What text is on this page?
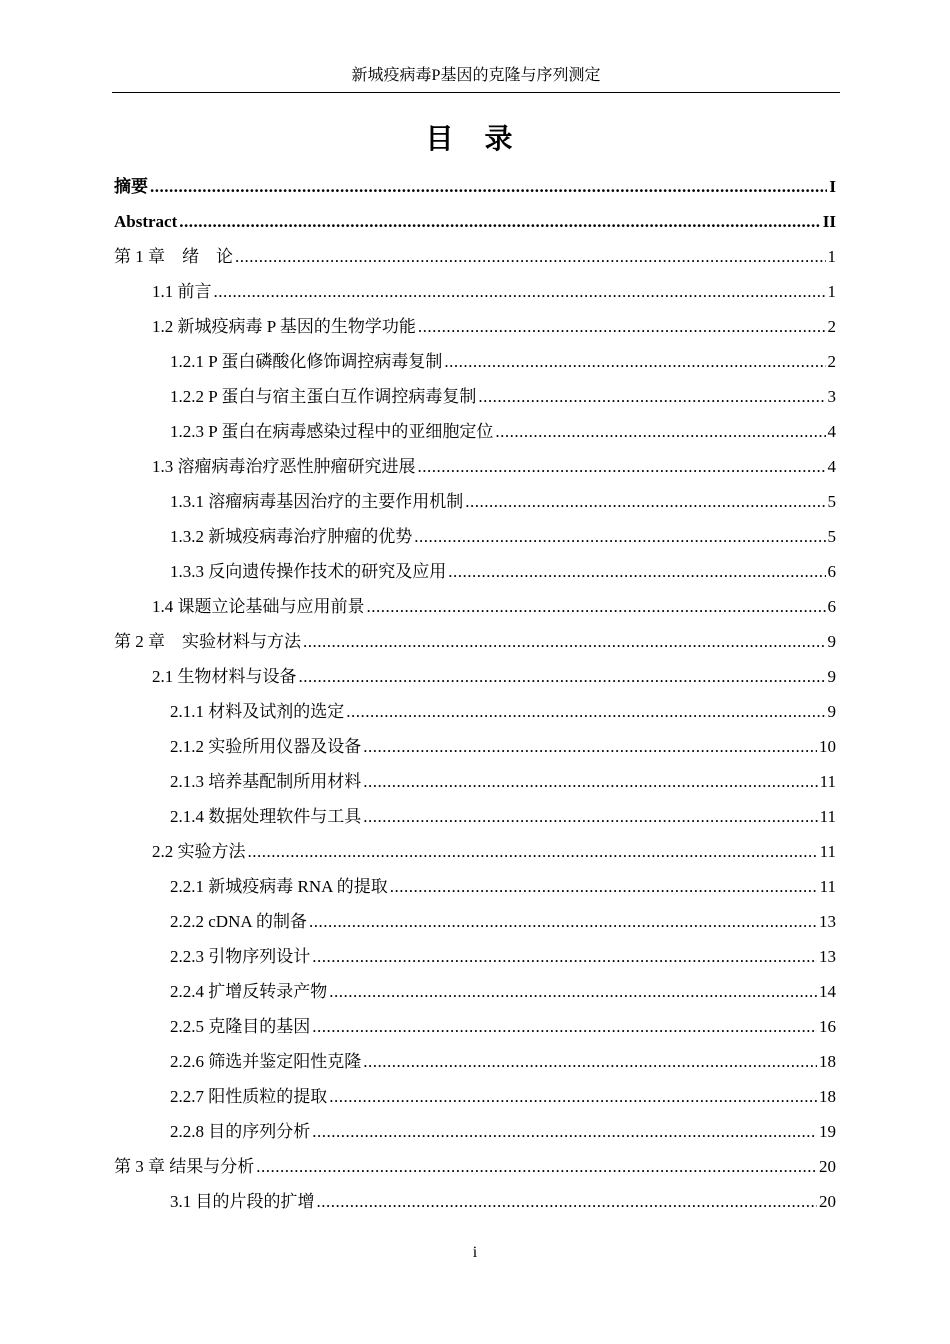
新城疫病毒P基因的克隆与序列测定
目 录
摘要 .....	I
Abstract .....	II
第 1 章　绪　论 .....	1
1.1 前言 .....	1
1.2 新城疫病毒 P 基因的生物学功能 .....	2
1.2.1 P 蛋白磷酸化修饰调控病毒复制 .....	2
1.2.2 P 蛋白与宿主蛋白互作调控病毒复制 .....	3
1.2.3 P 蛋白在病毒感染过程中的亚细胞定位 .....	4
1.3 溶瘤病毒治疗恶性肿瘤研究进展 .....	4
1.3.1 溶瘤病毒基因治疗的主要作用机制 .....	5
1.3.2 新城疫病毒治疗肿瘤的优势 .....	5
1.3.3 反向遗传操作技术的研究及应用 .....	6
1.4 课题立论基础与应用前景 .....	6
第 2 章　实验材料与方法 .....	9
2.1 生物材料与设备 .....	9
2.1.1 材料及试剂的选定 .....	9
2.1.2 实验所用仪器及设备 .....	10
2.1.3 培养基配制所用材料 .....	11
2.1.4 数据处理软件与工具 .....	11
2.2 实验方法 .....	11
2.2.1 新城疫病毒 RNA 的提取 .....	11
2.2.2 cDNA 的制备 .....	13
2.2.3 引物序列设计 .....	13
2.2.4 扩增反转录产物 .....	14
2.2.5 克隆目的基因 .....	16
2.2.6 筛选并鉴定阳性克隆 .....	18
2.2.7 阳性质粒的提取 .....	18
2.2.8 目的序列分析 .....	19
第 3 章 结果与分析 .....	20
3.1 目的片段的扩增 .....	20
i
